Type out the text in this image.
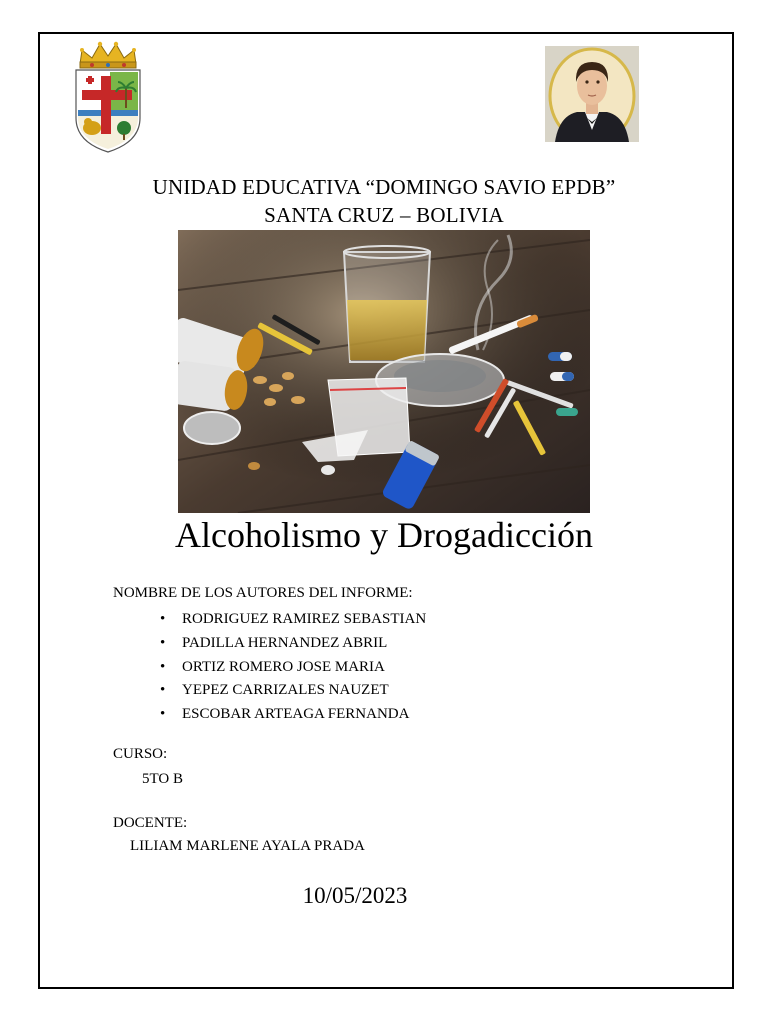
UNIDAD EDUCATIVA “DOMINGO SAVIO EPDB”
SANTA CRUZ – BOLIVIA
Alcoholismo y Drogadicción
NOMBRE DE LOS AUTORES DEL INFORME:
• RODRIGUEZ RAMIREZ SEBASTIAN
• PADILLA HERNANDEZ ABRIL
• ORTIZ ROMERO JOSE MARIA
• YEPEZ CARRIZALES NAUZET
• ESCOBAR ARTEAGA FERNANDA
CURSO:
5TO B
DOCENTE:
LILIAM MARLENE AYALA PRADA
10/05/2023
